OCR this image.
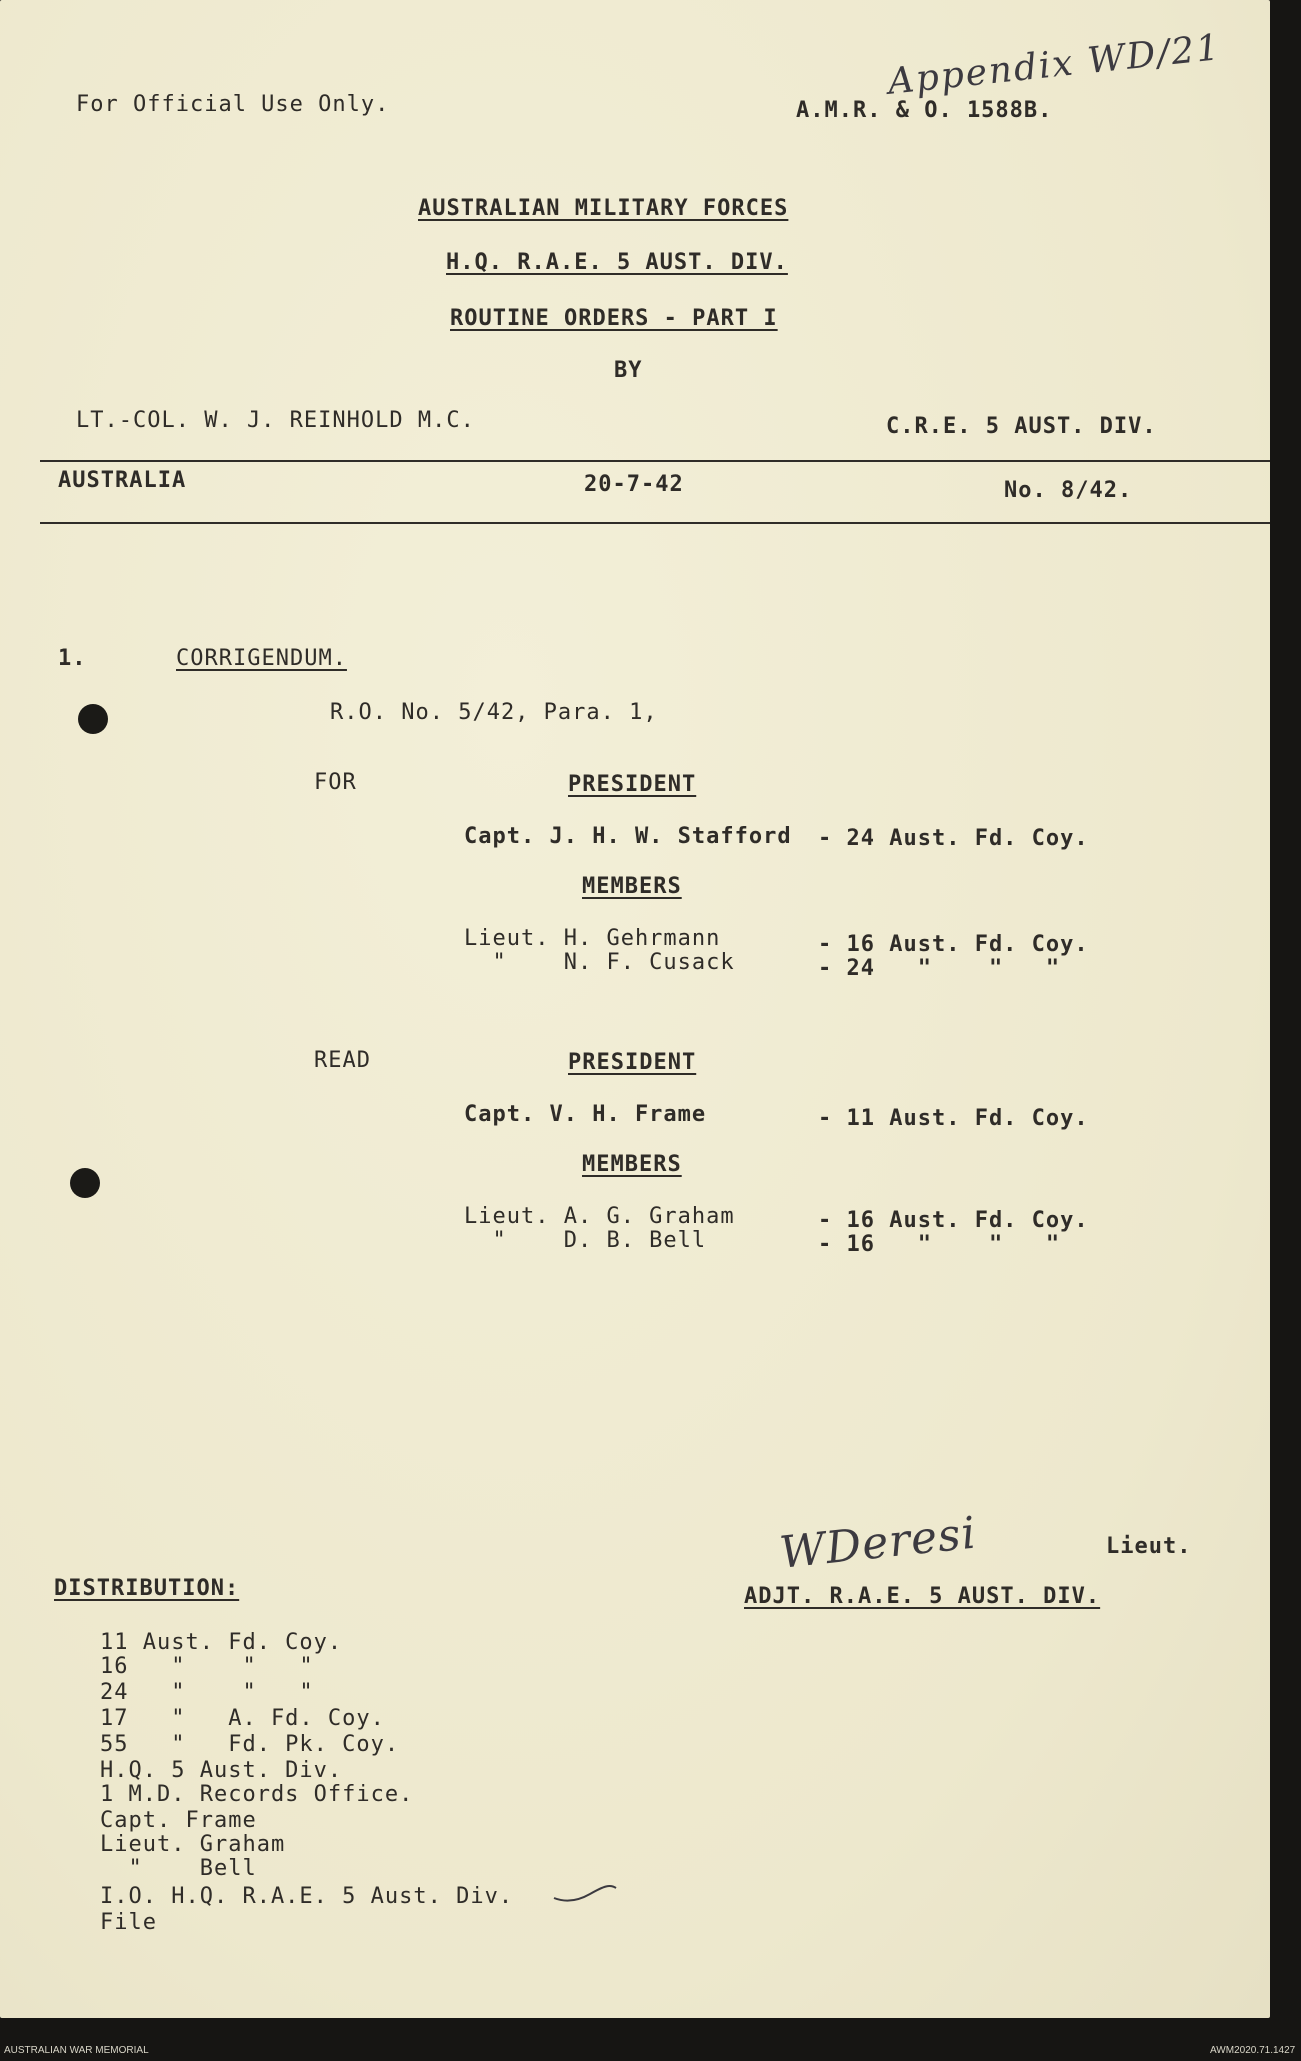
For Official Use Only.	A.M.R. & O. 1588B.
Appendix WD/21
AUSTRALIAN MILITARY FORCES
H.Q. R.A.E. 5 AUST. DIV.
ROUTINE ORDERS - PART I
BY
LT.-COL. W. J. REINHOLD M.C.	C.R.E. 5 AUST. DIV.
AUSTRALIA	20-7-42	No. 8/42.
1.	CORRIGENDUM.
R.O. No. 5/42, Para. 1,
FOR	PRESIDENT
Capt. J. H. W. Stafford - 24 Aust. Fd. Coy.
MEMBERS
Lieut. H. Gehrmann	- 16 Aust. Fd. Coy.
"    N. F. Cusack	- 24   "    "   "
READ	PRESIDENT
Capt. V. H. Frame	- 11 Aust. Fd. Coy.
MEMBERS
Lieut. A. G. Graham	- 16 Aust. Fd. Coy.
"    D. B. Bell	- 16   "    "   "
WDeresi	Lieut.
ADJT. R.A.E. 5 AUST. DIV.
DISTRIBUTION:
11 Aust. Fd. Coy.
16   "    "   "
24   "    "   "
17   "   A. Fd. Coy.
55   "   Fd. Pk. Coy.
H.Q. 5 Aust. Div.
1 M.D. Records Office.
Capt. Frame
Lieut. Graham
"    Bell
I.O. H.Q. R.A.E. 5 Aust. Div.
File
AUSTRALIAN WAR MEMORIAL	AWM2020.71.1427
